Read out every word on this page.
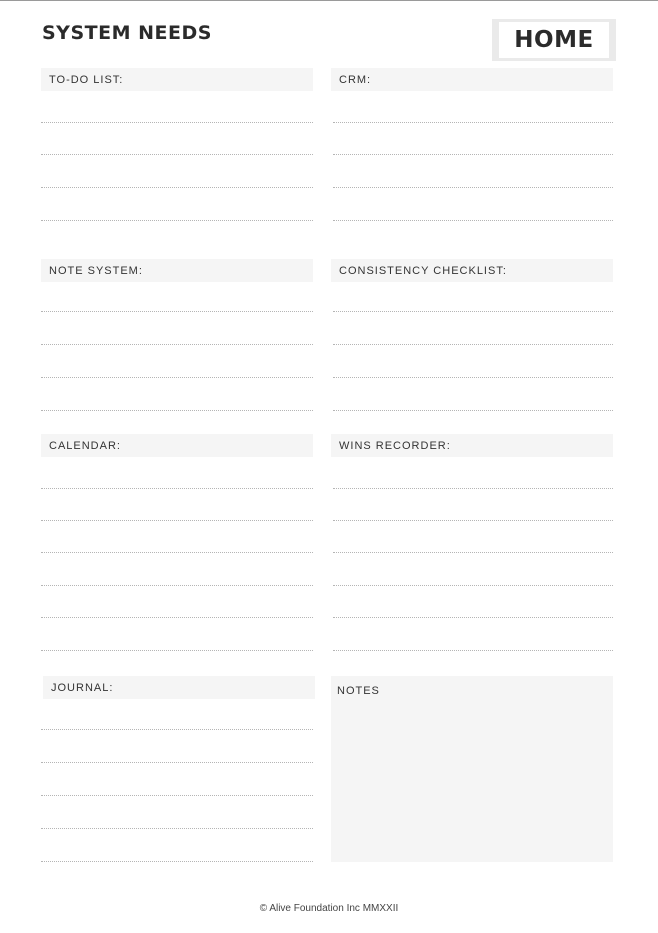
SYSTEM NEEDS	HOME
TO-DO LIST:	CRM:
NOTE SYSTEM:	CONSISTENCY CHECKLIST:
CALENDAR:	WINS RECORDER:
JOURNAL:	NOTES
© Alive Foundation Inc MMXXII
